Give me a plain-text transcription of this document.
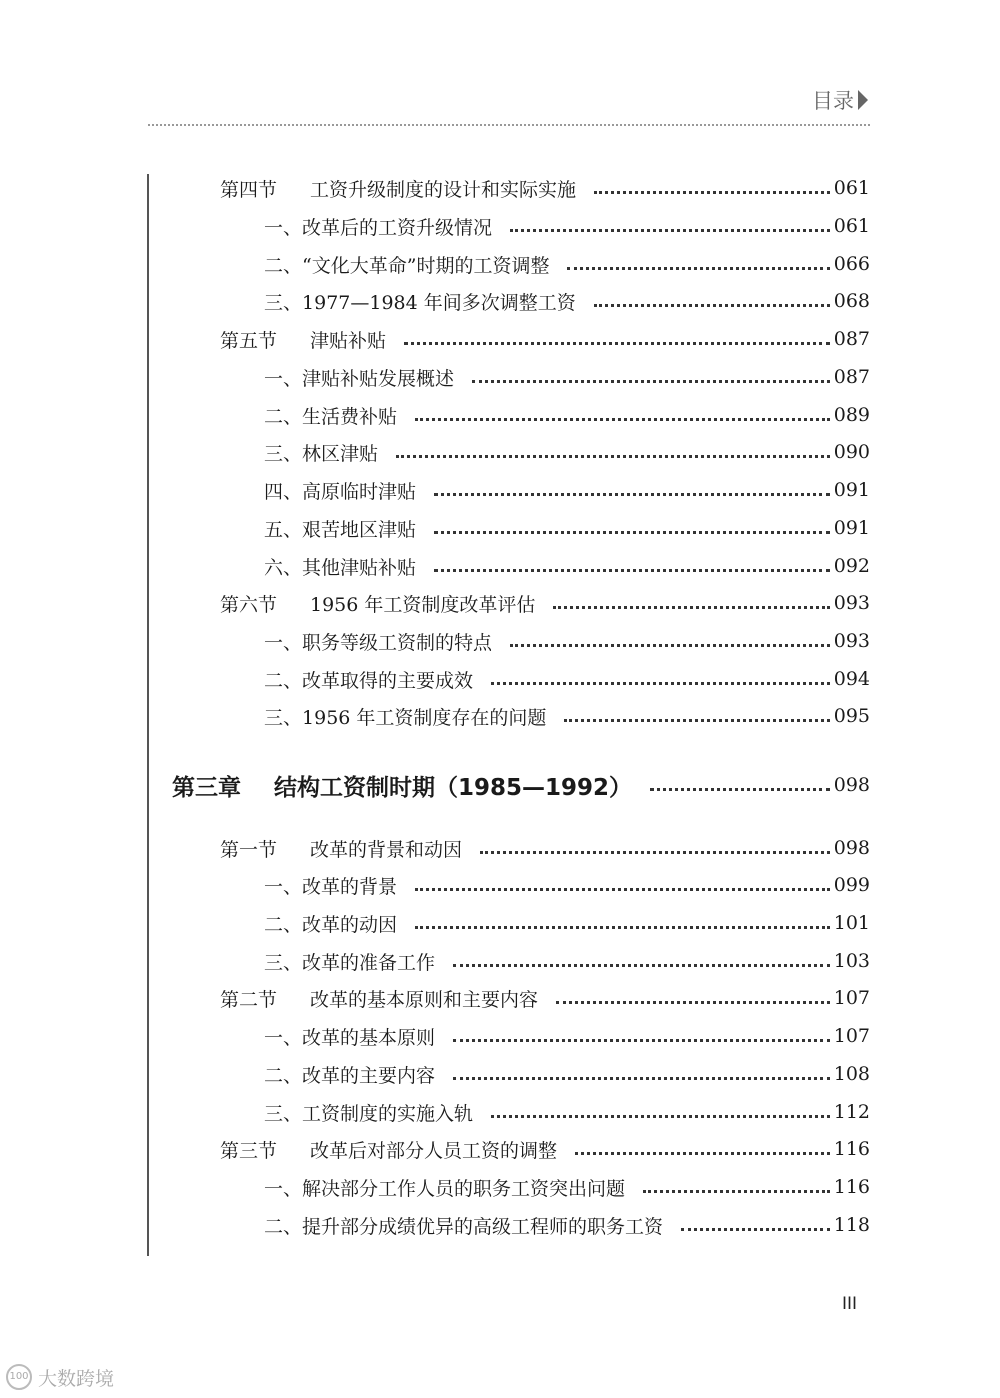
目录
第四节	工资升级制度的设计和实际实施	061
一、 改革后的工资升级情况	061
二、 “文化大革命”时期的工资调整	066
三、 1977—1984 年间多次调整工资	068
第五节	津贴补贴	087
一、 津贴补贴发展概述	087
二、 生活费补贴	089
三、 林区津贴	090
四、 高原临时津贴	091
五、 艰苦地区津贴	091
六、 其他津贴补贴	092
第六节	1956 年工资制度改革评估	093
一、 职务等级工资制的特点	093
二、 改革取得的主要成效	094
三、 1956 年工资制度存在的问题	095
第三章	结构工资制时期（1985—1992）	098
第一节	改革的背景和动因	098
一、 改革的背景	099
二、 改革的动因	101
三、 改革的准备工作	103
第二节	改革的基本原则和主要内容	107
一、 改革的基本原则	107
二、 改革的主要内容	108
三、 工资制度的实施入轨	112
第三节	改革后对部分人员工资的调整	116
一、 解决部分工作人员的职务工资突出问题	116
二、 提升部分成绩优异的高级工程师的职务工资	118
III
100 大数跨境
